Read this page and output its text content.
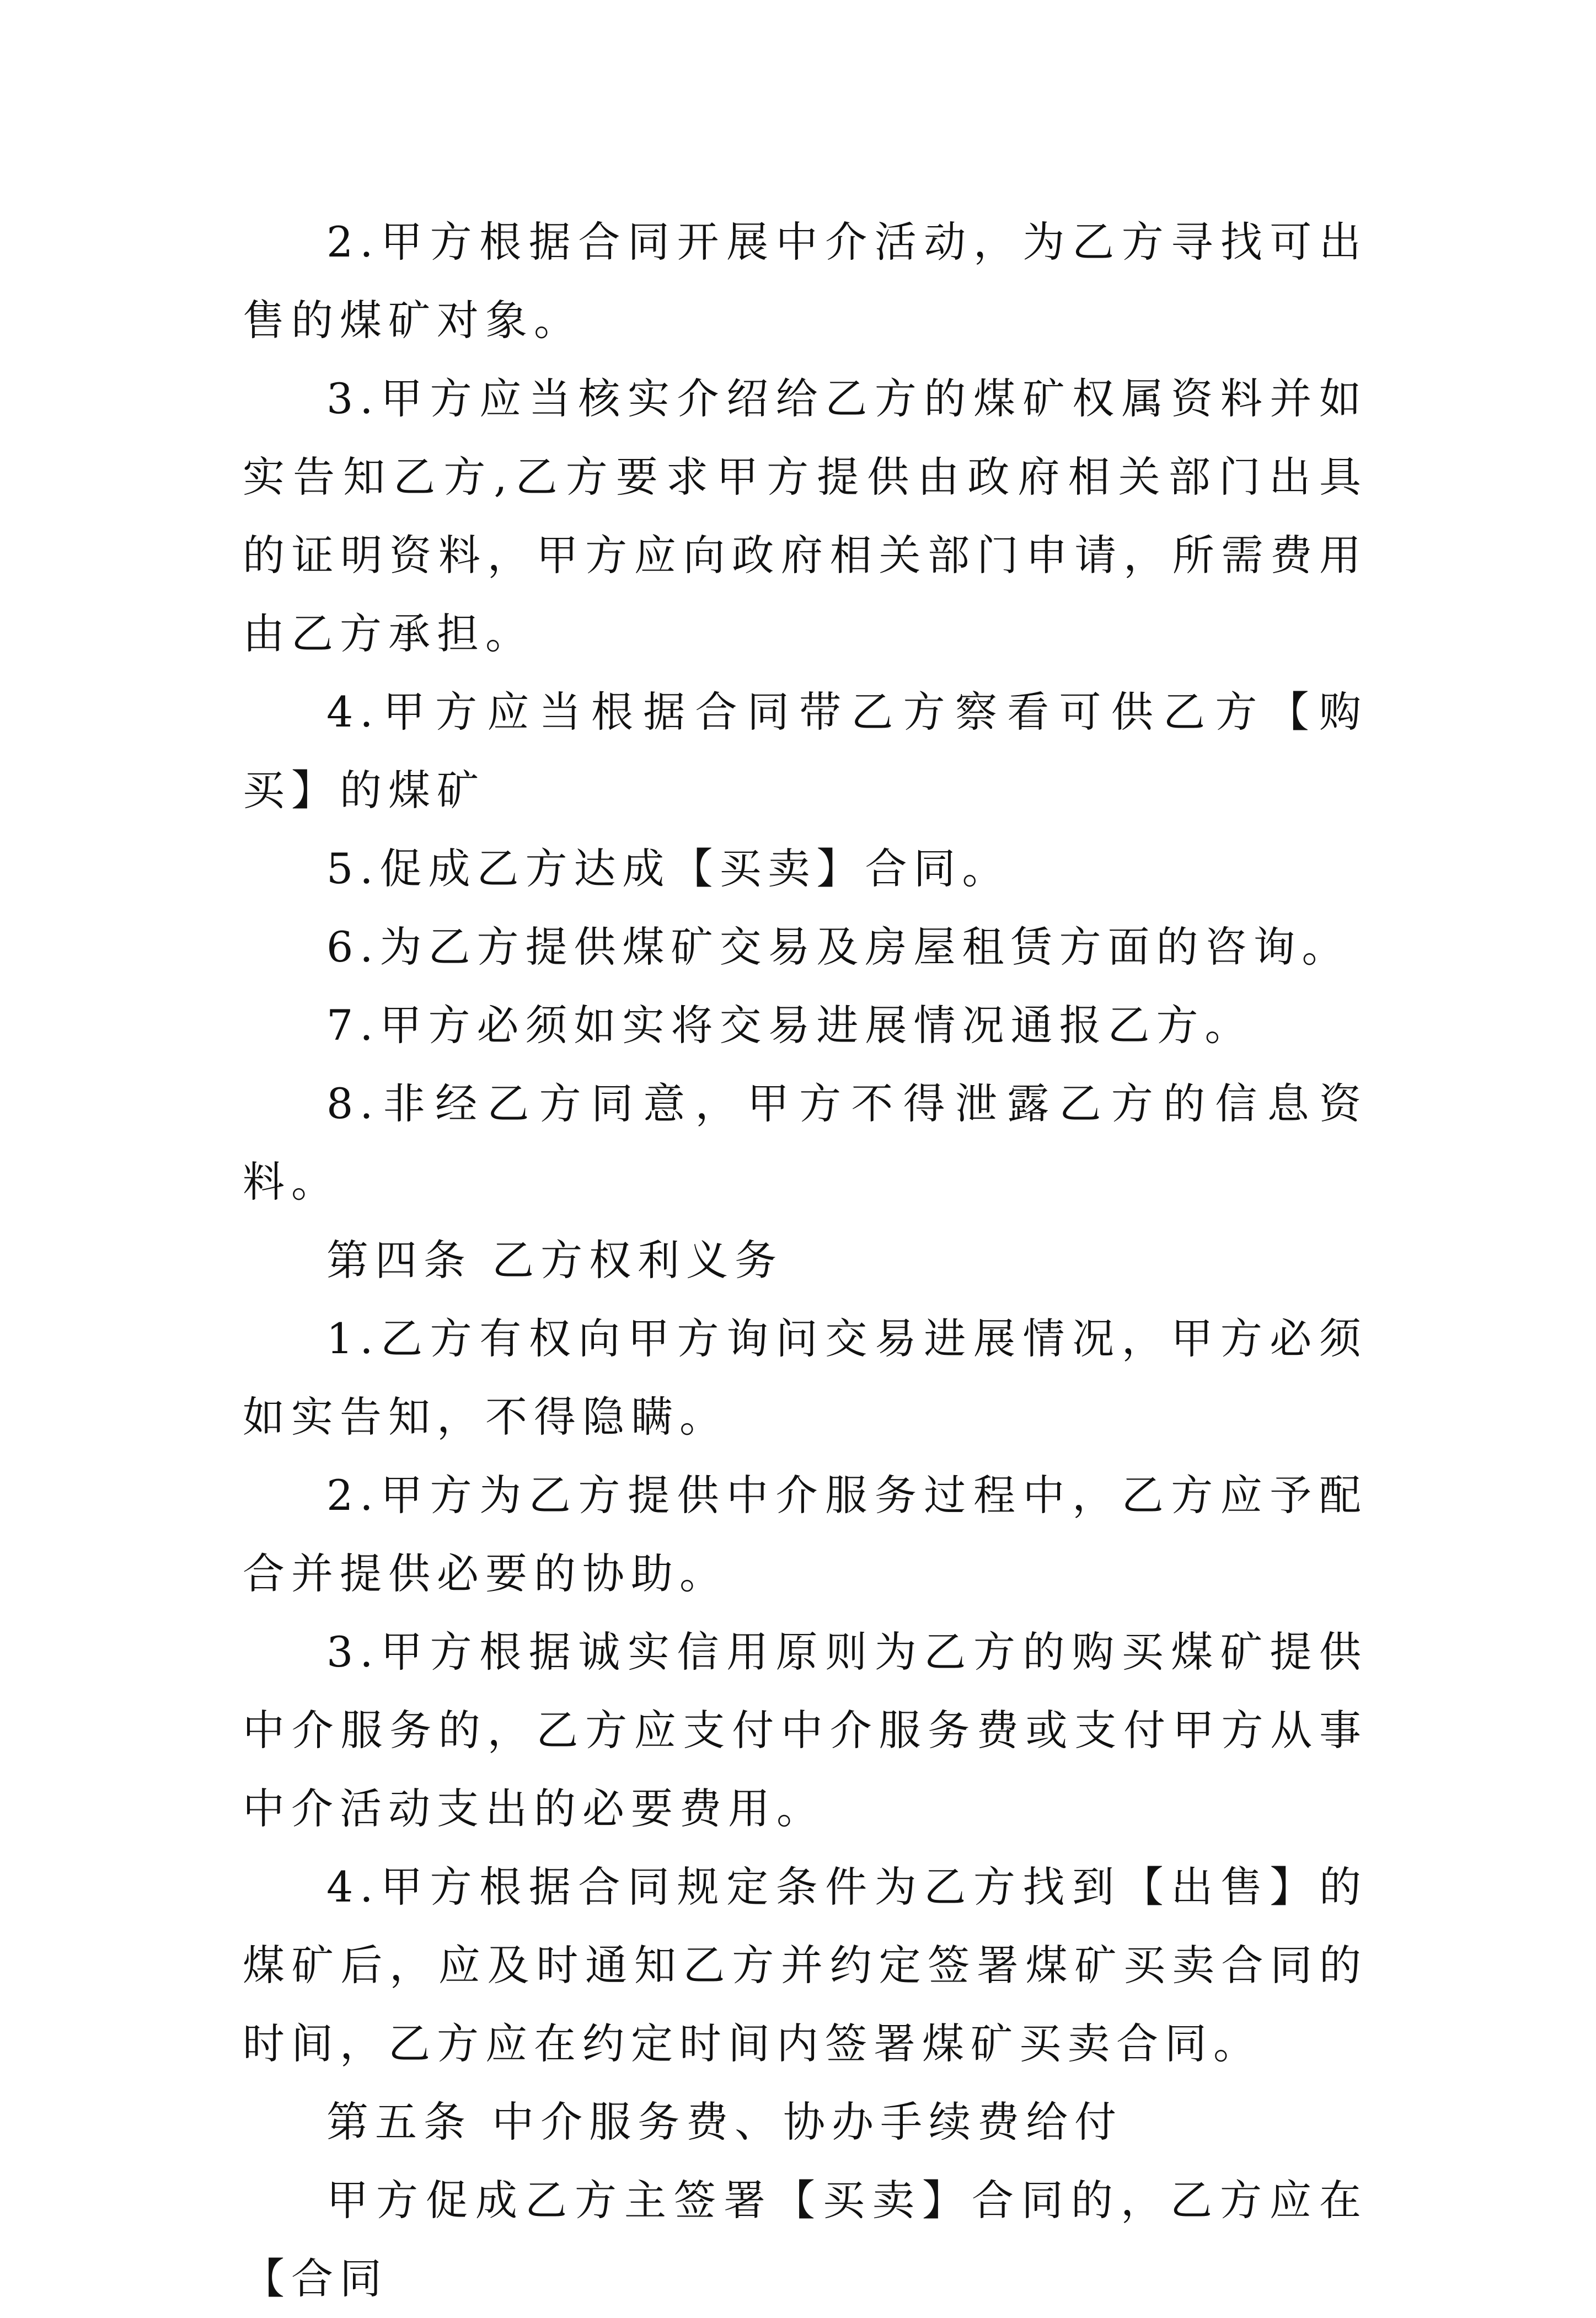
2.甲方根据合同开展中介活动，为乙方寻找可出售的煤矿对象。

3.甲方应当核实介绍给乙方的煤矿权属资料并如实告知乙方,乙方要求甲方提供由政府相关部门出具的证明资料，甲方应向政府相关部门申请，所需费用由乙方承担。

4.甲方应当根据合同带乙方察看可供乙方【购买】的煤矿

5.促成乙方达成【买卖】合同。

6.为乙方提供煤矿交易及房屋租赁方面的咨询。

7.甲方必须如实将交易进展情况通报乙方。

8.非经乙方同意，甲方不得泄露乙方的信息资料。

第四条 乙方权利义务

1.乙方有权向甲方询问交易进展情况，甲方必须如实告知，不得隐瞒。

2.甲方为乙方提供中介服务过程中，乙方应予配合并提供必要的协助。

3.甲方根据诚实信用原则为乙方的购买煤矿提供中介服务的，乙方应支付中介服务费或支付甲方从事中介活动支出的必要费用。

4.甲方根据合同规定条件为乙方找到【出售】的煤矿后，应及时通知乙方并约定签署煤矿买卖合同的时间，乙方应在约定时间内签署煤矿买卖合同。

第五条 中介服务费、协办手续费给付

甲方促成乙方主签署【买卖】合同的，乙方应在【合同
